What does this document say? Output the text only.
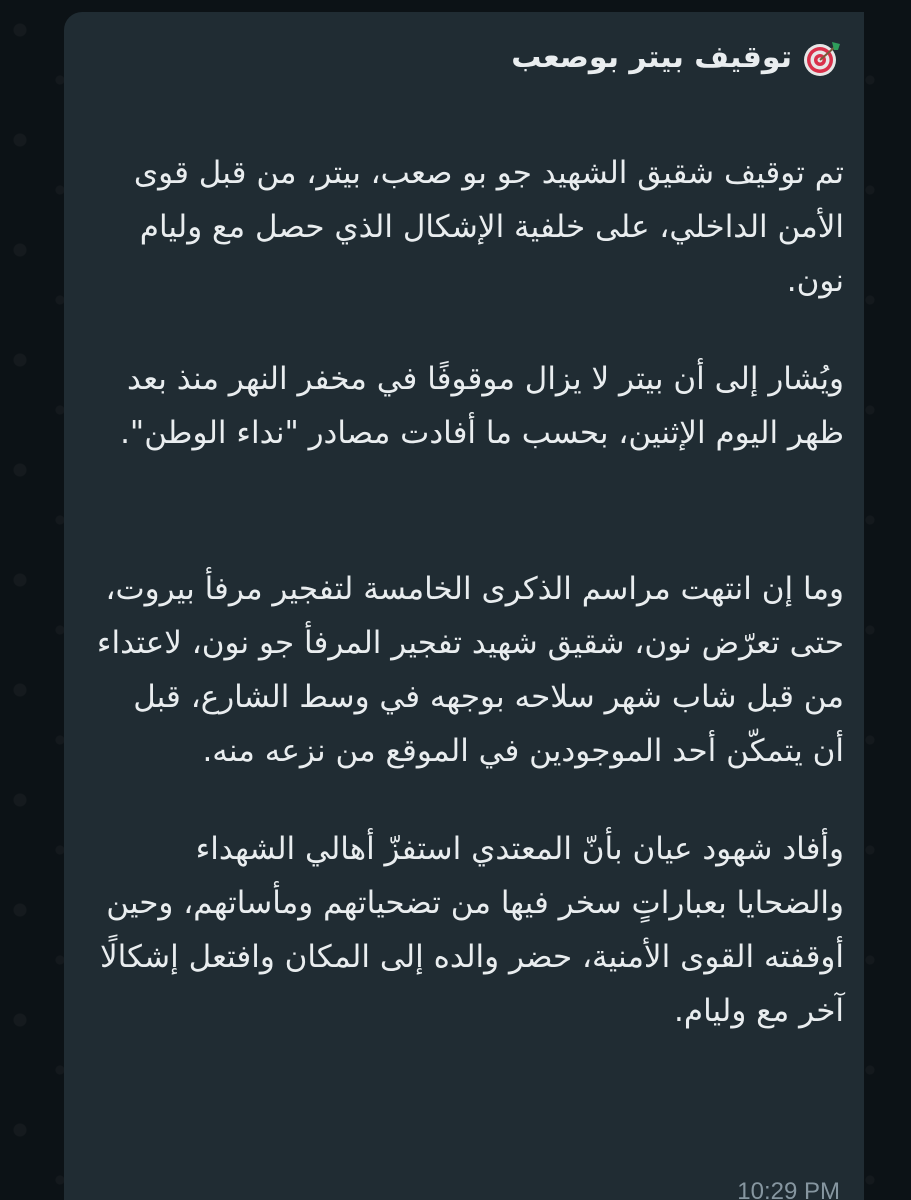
توقيف بيتر بوصعب

تم توقيف شقيق الشهيد جو بو صعب، بيتر، من قبل قوى الأمن الداخلي، على خلفية الإشكال الذي حصل مع وليام نون.

ويُشار إلى أن بيتر لا يزال موقوفًا في مخفر النهر منذ بعد ظهر اليوم الإثنين، بحسب ما أفادت مصادر "نداء الوطن".

وما إن انتهت مراسم الذكرى الخامسة لتفجير مرفأ بيروت، حتى تعرّض نون، شقيق شهيد تفجير المرفأ جو نون، لاعتداء من قبل شاب شهر سلاحه بوجهه في وسط الشارع، قبل أن يتمكّن أحد الموجودين في الموقع من نزعه منه.

وأفاد شهود عيان بأنّ المعتدي استفزّ أهالي الشهداء والضحايا بعباراتٍ سخر فيها من تضحياتهم ومأساتهم، وحين أوقفته القوى الأمنية، حضر والده إلى المكان وافتعل إشكالًا آخر مع وليام.

10:29 PM
